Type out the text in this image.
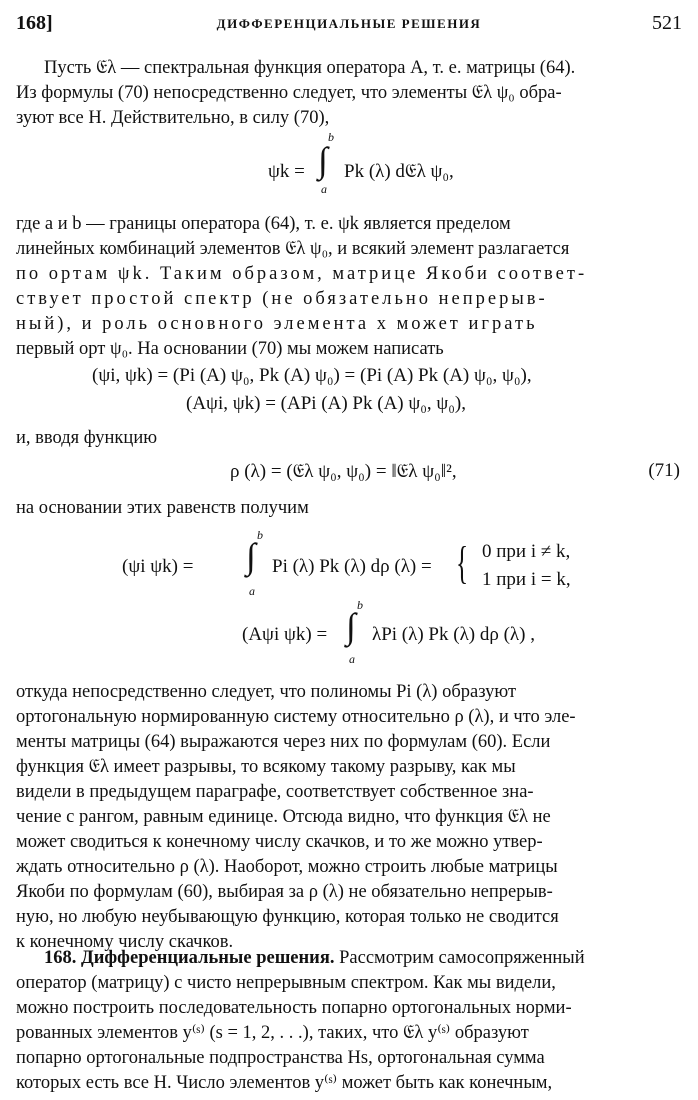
168]	ДИФФЕРЕНЦИАЛЬНЫЕ РЕШЕНИЯ	521
Пусть 𝔈λ — спектральная функция оператора A, т. е. матрицы (64).
Из формулы (70) непосредственно следует, что элементы 𝔈λ ψ₀ обра-
зуют все H. Действительно, в силу (70),
ψk =
b
∫
a
Pk (λ) d𝔈λ ψ₀,
где a и b — границы оператора (64), т. е. ψk является пределом
линейных комбинаций элементов 𝔈λ ψ₀, и всякий элемент разлагается
по ортам ψk. Таким образом, матрице Якоби соответ-
ствует простой спектр (не обязательно непрерыв-
ный), и роль основного элемента x может играть
первый орт ψ₀. На основании (70) мы можем написать
(ψi, ψk) = (Pi (A) ψ₀, Pk (A) ψ₀) = (Pi (A) Pk (A) ψ₀, ψ₀),
(Aψi, ψk) = (APi (A) Pk (A) ψ₀, ψ₀),
и, вводя функцию
ρ (λ) = (𝔈λ ψ₀, ψ₀) = ‖𝔈λ ψ₀‖²,	(71)
на основании этих равенств получим
(ψi ψk) =
b
∫
a
Pi (λ) Pk (λ) dρ (λ) = { 0 при i ≠ k,
1 при i = k,
(Aψi ψk) =
b
∫
a
λPi (λ) Pk (λ) dρ (λ) ,
откуда непосредственно следует, что полиномы Pi (λ) образуют
ортогональную нормированную систему относительно ρ (λ), и что эле-
менты матрицы (64) выражаются через них по формулам (60). Если
функция 𝔈λ имеет разрывы, то всякому такому разрыву, как мы
видели в предыдущем параграфе, соответствует собственное зна-
чение с рангом, равным единице. Отсюда видно, что функция 𝔈λ не
может сводиться к конечному числу скачков, и то же можно утвер-
ждать относительно ρ (λ). Наоборот, можно строить любые матрицы
Якоби по формулам (60), выбирая за ρ (λ) не обязательно непрерыв-
ную, но любую неубывающую функцию, которая только не сводится
к конечному числу скачков.
168. Дифференциальные решения. Рассмотрим самосопряженный
оператор (матрицу) с чисто непрерывным спектром. Как мы видели,
можно построить последовательность попарно ортогональных норми-
рованных элементов y⁽ˢ⁾ (s = 1, 2, . . .), таких, что 𝔈λ y⁽ˢ⁾ образуют
попарно ортогональные подпространства Hs, ортогональная сумма
которых есть все H. Число элементов y⁽ˢ⁾ может быть как конечным,
